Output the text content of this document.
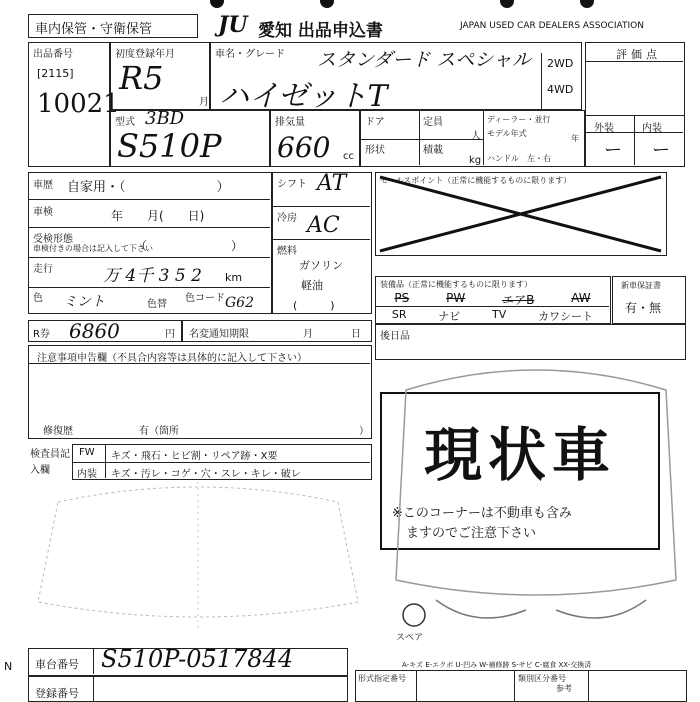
車内保管・守衛保管	JU 愛知 出品申込書	JAPAN USED CAR DEALERS ASSOCIATION
出品番号
[2115]
10021
初度登録年月
R5
月
車名・グレード スタンダード スペシャル
ハイゼットT
2WD
4WD
評価点
外装	内装
ー ー
型式 3BD
S510P
排気量
660 cc
ドア	定員
人
形状	積載
kg
ディーラー・並行
モデル年式
年
ハンドル　左・右
車歴 自家用・（　　　　　　　）
車検	年　　月(　　日)
受検形態
車検付きの場合は記入して下さい
（　　　　　　　）
走行	万 4千 3 5 2 km
色 ミント	色替
色コード G62
シフト AT
冷房 AC
燃料
ガソリン
軽油
(　　　)
セールスポイント（正常に機能するものに限ります）
装備品（正常に機能するものに限ります）
PS	PW	エアB	AW
SR	ナビ	TV	カワシート
新車保証書
有・無
R券 6860	円 名変通知期限	月	日 後日品
注意事項申告欄（不具合内容等は具体的に記入して下さい）
修復歴	有（箇所	）
検査員記入欄
FW キズ・飛石・ヒビ割・リペア跡・X要
内装 キズ・汚レ・コゲ・穴・スレ・キレ・破レ	現状車
※このコーナーは不動車も含み
ますのでご注意下さい
スペア
N 車台番号 S510P-0517844
登録番号
A-キズ E-エクボ U-凹み W-補修跡 S-サビ C-腐食 XX-交換済
形式指定番号	類別区分番号
参考
